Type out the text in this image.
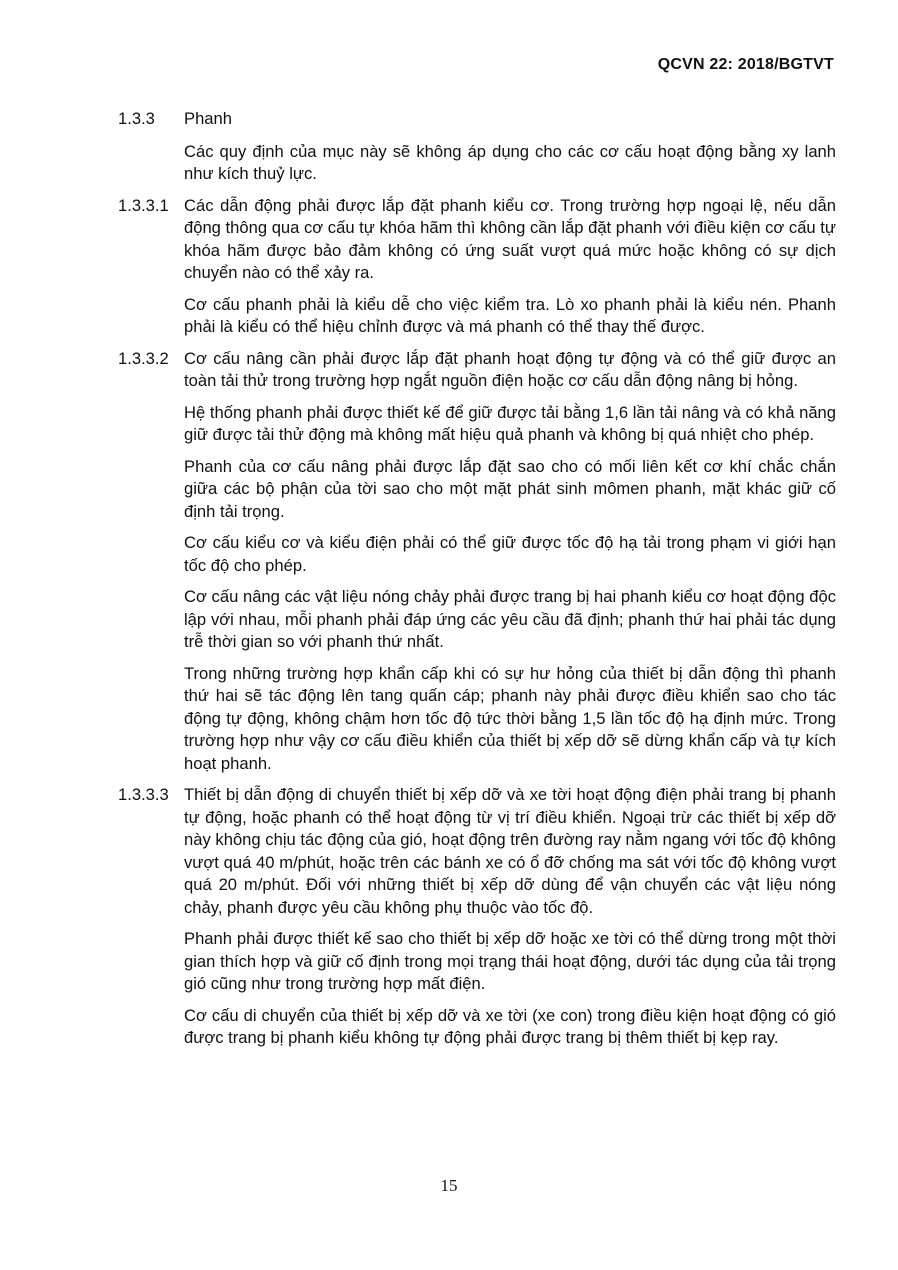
QCVN 22: 2018/BGTVT
1.3.3	Phanh
Các quy định của mục này sẽ không áp dụng cho các cơ cấu hoạt động bằng xy lanh như kích thuỷ lực.
1.3.3.1 Các dẫn động phải được lắp đặt phanh kiểu cơ. Trong trường hợp ngoại lệ, nếu dẫn động thông qua cơ cấu tự khóa hãm thì không cần lắp đặt phanh với điều kiện cơ cấu tự khóa hãm được bảo đảm không có ứng suất vượt quá mức hoặc không có sự dịch chuyển nào có thể xảy ra.
Cơ cấu phanh phải là kiểu dễ cho việc kiểm tra. Lò xo phanh phải là kiểu nén. Phanh phải là kiểu có thể hiệu chỉnh được và má phanh có thể thay thế được.
1.3.3.2 Cơ cấu nâng cần phải được lắp đặt phanh hoạt động tự động và có thể giữ được an toàn tải thử trong trường hợp ngắt nguồn điện hoặc cơ cấu dẫn động nâng bị hỏng.
Hệ thống phanh phải được thiết kế để giữ được tải bằng 1,6 lần tải nâng và có khả năng giữ được tải thử động mà không mất hiệu quả phanh và không bị quá nhiệt cho phép.
Phanh của cơ cấu nâng phải được lắp đặt sao cho có mối liên kết cơ khí chắc chắn giữa các bộ phận của tời sao cho một mặt phát sinh mômen phanh, mặt khác giữ cố định tải trọng.
Cơ cấu kiểu cơ và kiểu điện phải có thể giữ được tốc độ hạ tải trong phạm vi giới hạn tốc độ cho phép.
Cơ cấu nâng các vật liệu nóng chảy phải được trang bị hai phanh kiểu cơ hoạt động độc lập với nhau, mỗi phanh phải đáp ứng các yêu cầu đã định; phanh thứ hai phải tác dụng trễ thời gian so với phanh thứ nhất.
Trong những trường hợp khẩn cấp khi có sự hư hỏng của thiết bị dẫn động thì phanh thứ hai sẽ tác động lên tang quấn cáp; phanh này phải được điều khiển sao cho tác động tự động, không chậm hơn tốc độ tức thời bằng 1,5 lần tốc độ hạ định mức. Trong trường hợp như vậy cơ cấu điều khiển của thiết bị xếp dỡ sẽ dừng khẩn cấp và tự kích hoạt phanh.
1.3.3.3 Thiết bị dẫn động di chuyển thiết bị xếp dỡ và xe tời hoạt động điện phải trang bị phanh tự động, hoặc phanh có thể hoạt động từ vị trí điều khiển. Ngoại trừ các thiết bị xếp dỡ này không chịu tác động của gió, hoạt động trên đường ray nằm ngang với tốc độ không vượt quá 40 m/phút, hoặc trên các bánh xe có ổ đỡ chống ma sát với tốc độ không vượt quá 20 m/phút. Đối với những thiết bị xếp dỡ dùng để vận chuyển các vật liệu nóng chảy, phanh được yêu cầu không phụ thuộc vào tốc độ.
Phanh phải được thiết kế sao cho thiết bị xếp dỡ hoặc xe tời có thể dừng trong một thời gian thích hợp và giữ cố định trong mọi trạng thái hoạt động, dưới tác dụng của tải trọng gió cũng như trong trường hợp mất điện.
Cơ cấu di chuyển của thiết bị xếp dỡ và xe tời (xe con) trong điều kiện hoạt động có gió được trang bị phanh kiểu không tự động phải được trang bị thêm thiết bị kẹp ray.
15
